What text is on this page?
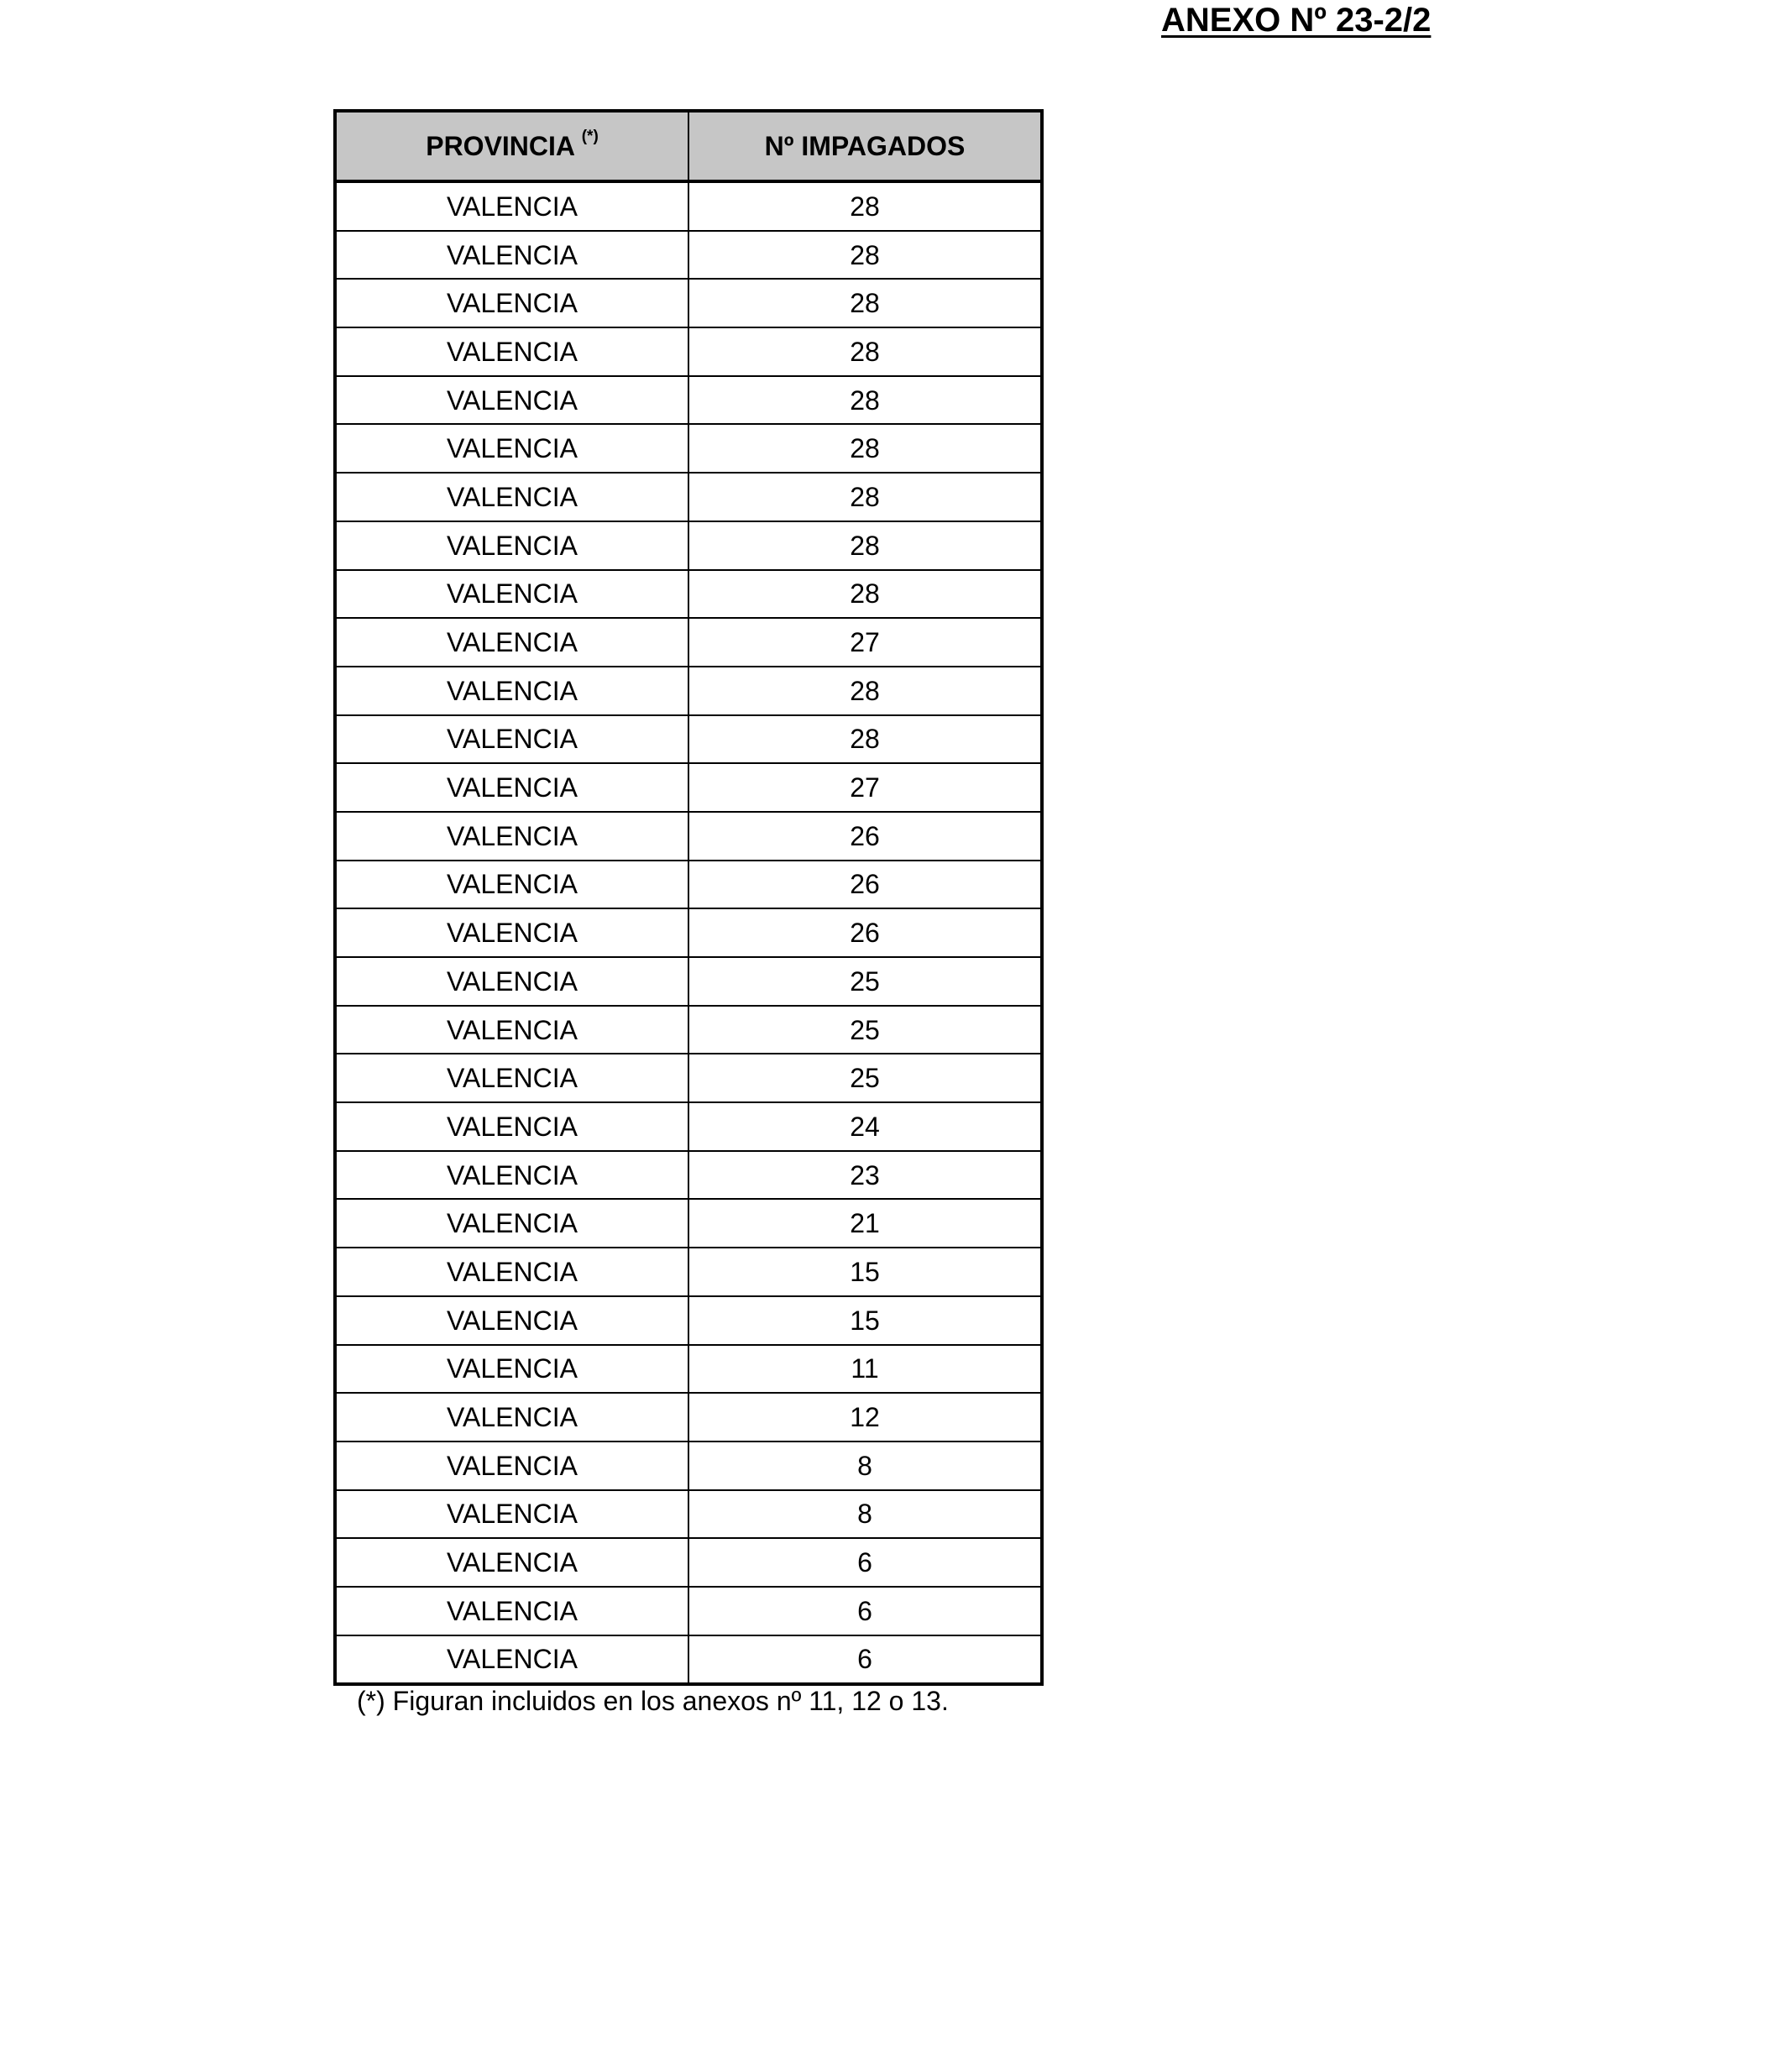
ANEXO Nº 23-2/2
PROVINCIA (*)	Nº IMPAGADOS
VALENCIA	28
VALENCIA	28
VALENCIA	28
VALENCIA	28
VALENCIA	28
VALENCIA	28
VALENCIA	28
VALENCIA	28
VALENCIA	28
VALENCIA	27
VALENCIA	28
VALENCIA	28
VALENCIA	27
VALENCIA	26
VALENCIA	26
VALENCIA	26
VALENCIA	25
VALENCIA	25
VALENCIA	25
VALENCIA	24
VALENCIA	23
VALENCIA	21
VALENCIA	15
VALENCIA	15
VALENCIA	11
VALENCIA	12
VALENCIA	8
VALENCIA	8
VALENCIA	6
VALENCIA	6
VALENCIA	6
(*) Figuran incluidos en los anexos nº 11, 12 o 13.
